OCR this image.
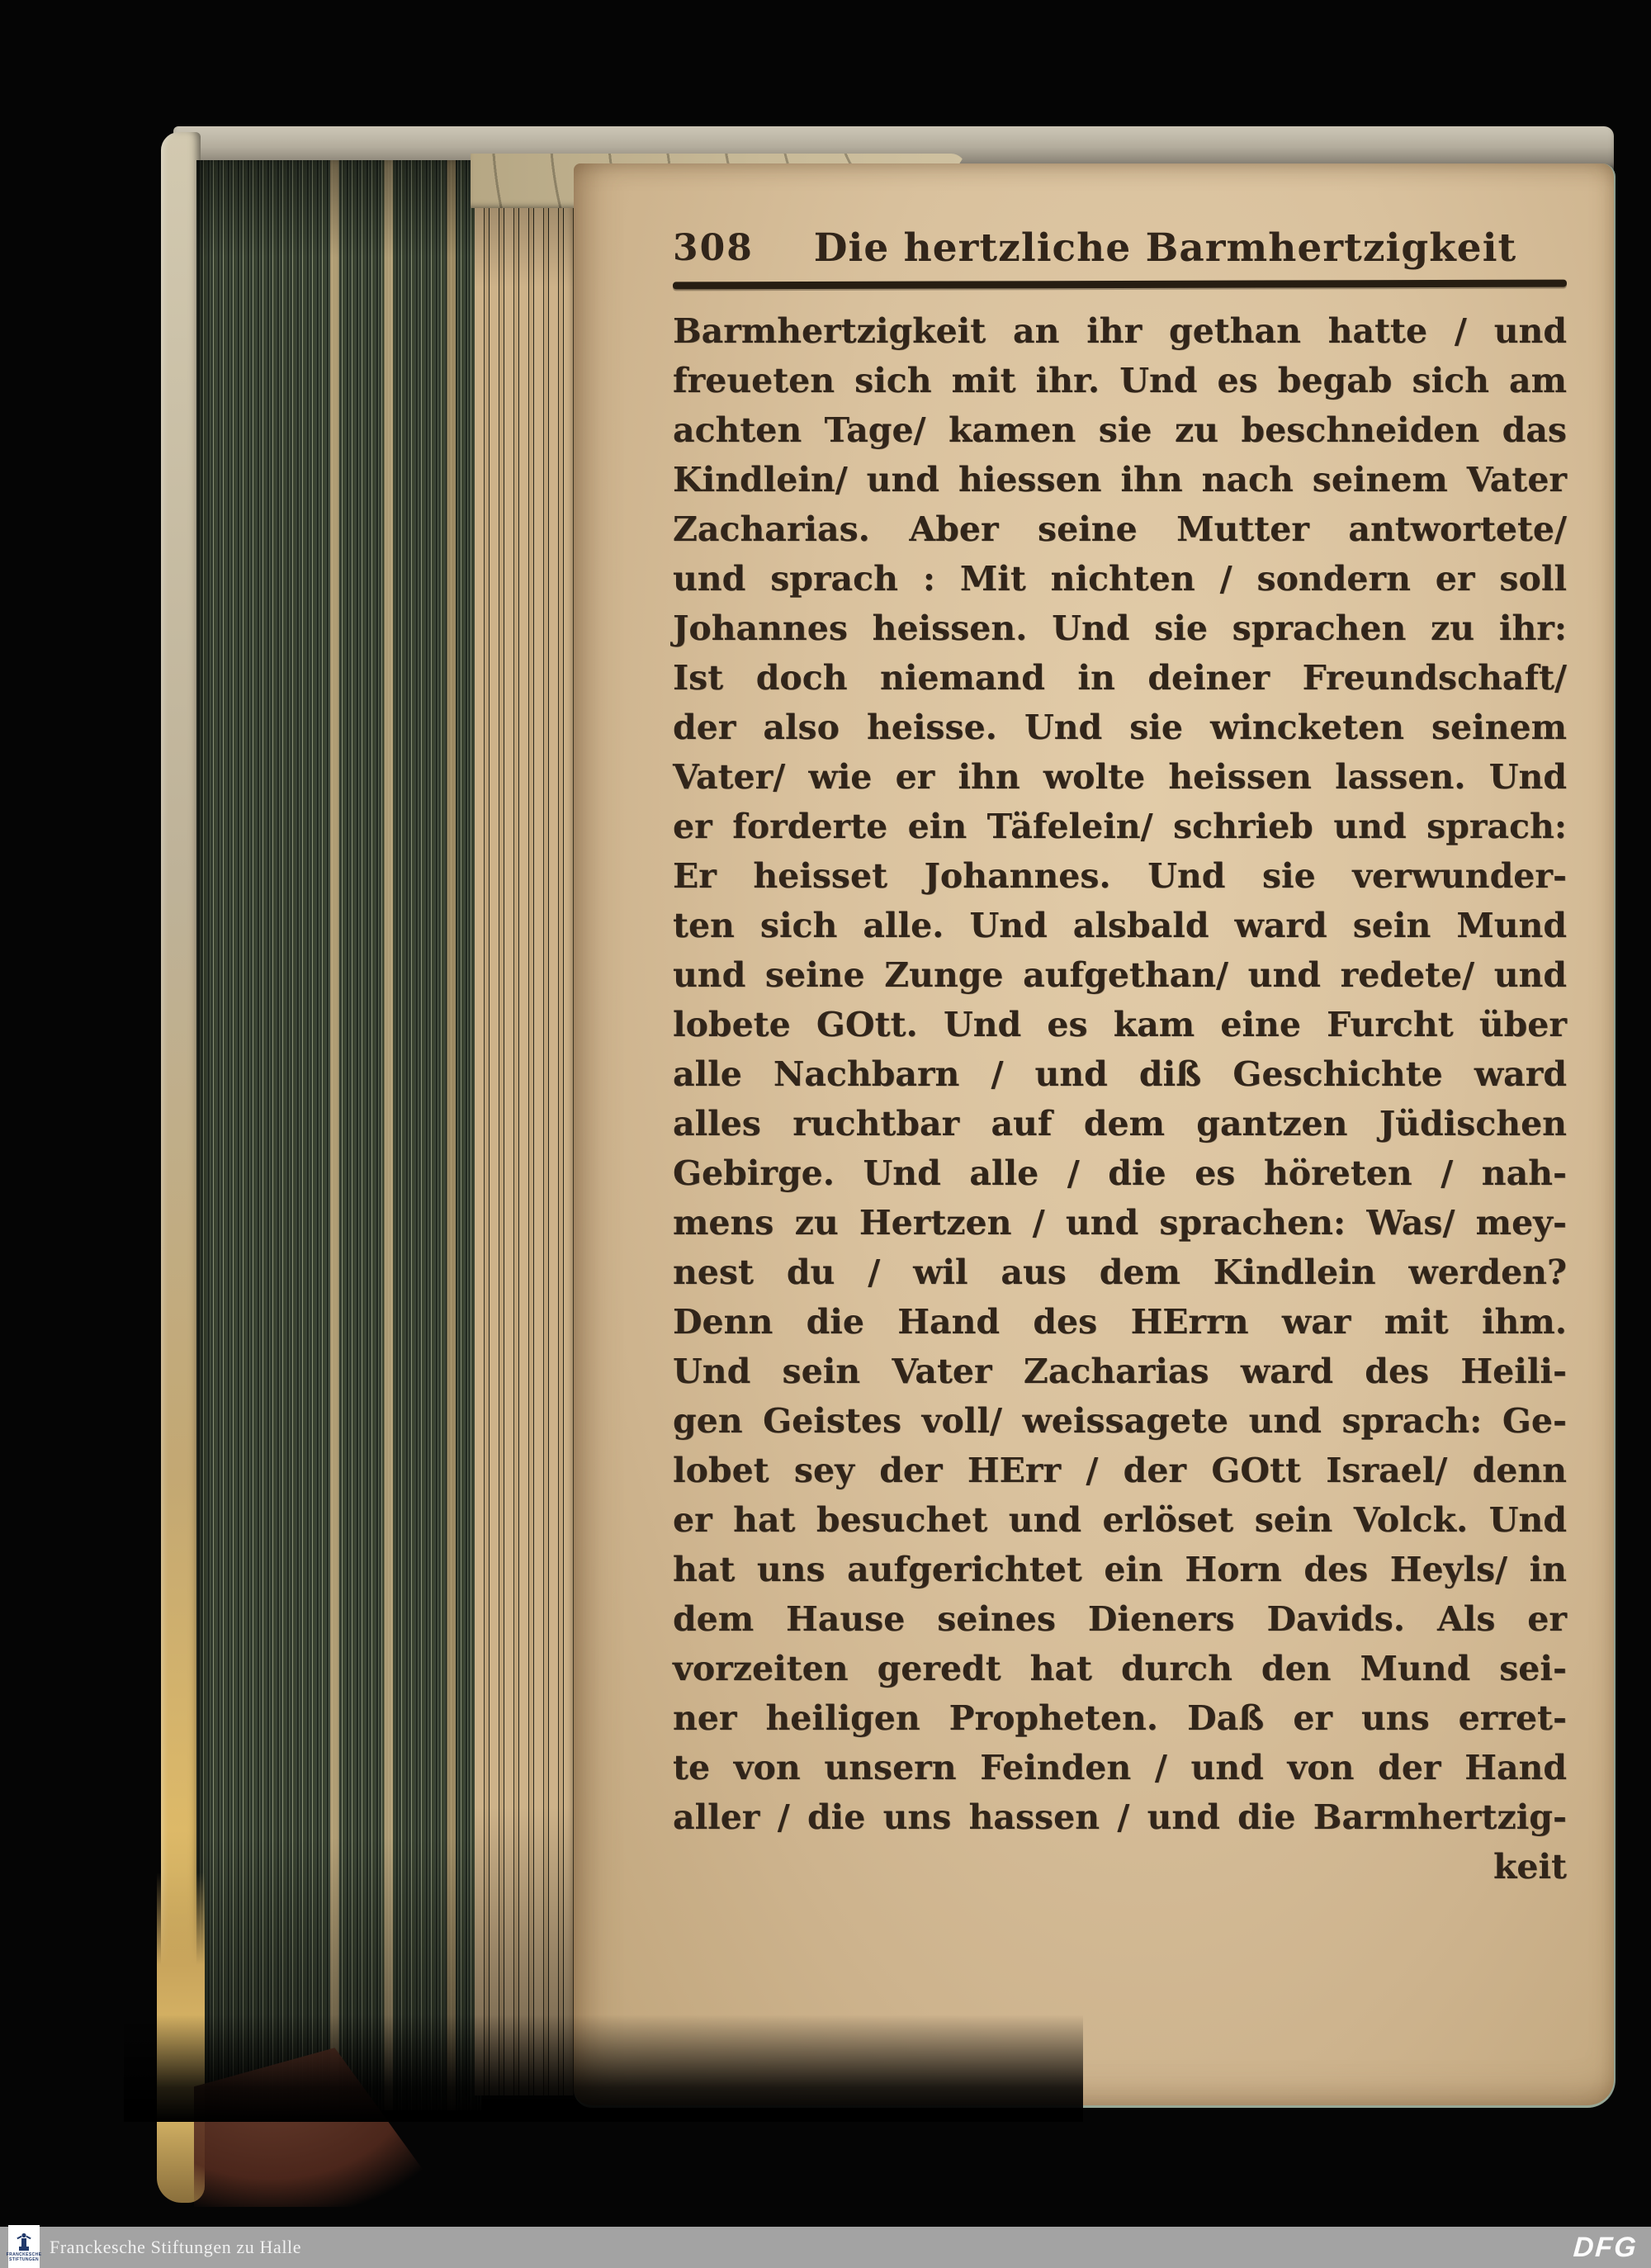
308	Die hertzliche Barmhertzigkeit
Barmhertzigkeit an ihr gethan hatte / und
freueten sich mit ihr. Und es begab sich am
achten Tage/ kamen sie zu beschneiden das
Kindlein/ und hiessen ihn nach seinem Vater
Zacharias. Aber seine Mutter antwortete/
und sprach : Mit nichten / sondern er soll
Johannes heissen. Und sie sprachen zu ihr:
Ist doch niemand in deiner Freundschaft/
der also heisse. Und sie wincketen seinem
Vater/ wie er ihn wolte heissen lassen. Und
er forderte ein Täfelein/ schrieb und sprach:
Er heisset Johannes. Und sie verwunder-
ten sich alle. Und alsbald ward sein Mund
und seine Zunge aufgethan/ und redete/ und
lobete GOtt. Und es kam eine Furcht über
alle Nachbarn / und diß Geschichte ward
alles ruchtbar auf dem gantzen Jüdischen
Gebirge. Und alle / die es höreten / nah-
mens zu Hertzen / und sprachen: Was/ mey-
nest du / wil aus dem Kindlein werden?
Denn die Hand des HErrn war mit ihm.
Und sein Vater Zacharias ward des Heili-
gen Geistes voll/ weissagete und sprach: Ge-
lobet sey der HErr / der GOtt Israel/ denn
er hat besuchet und erlöset sein Volck. Und
hat uns aufgerichtet ein Horn des Heyls/ in
dem Hause seines Dieners Davids. Als er
vorzeiten geredt hat durch den Mund sei-
ner heiligen Propheten. Daß er uns erret-
te von unsern Feinden / und von der Hand
aller / die uns hassen / und die Barmhertzig-
keit
FRANCKESCHE
STIFTUNGEN
Franckesche Stiftungen zu Halle	DFG
